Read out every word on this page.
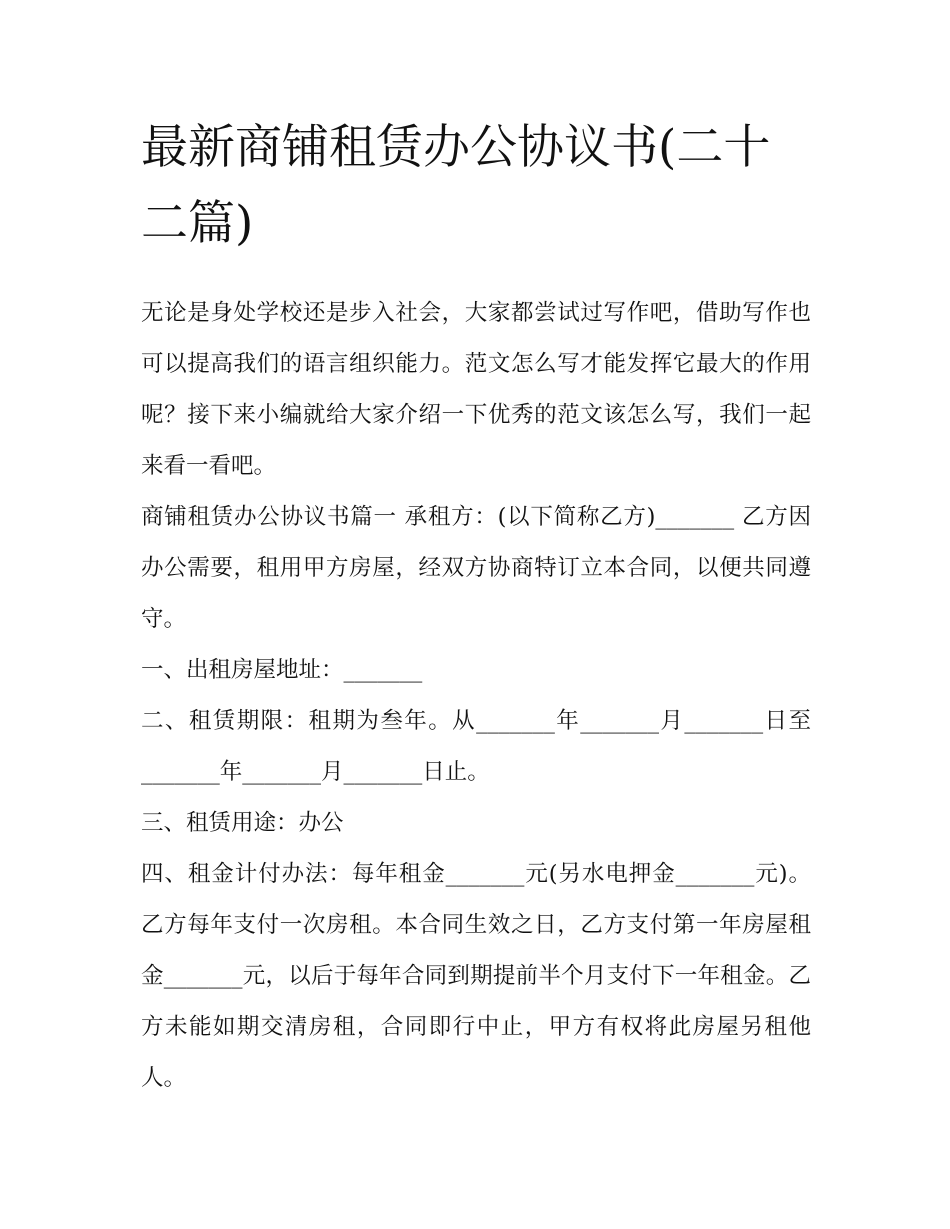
最新商铺租赁办公协议书(二十二篇)

无论是身处学校还是步入社会，大家都尝试过写作吧，借助写作也可以提高我们的语言组织能力。范文怎么写才能发挥它最大的作用呢？接下来小编就给大家介绍一下优秀的范文该怎么写，我们一起来看一看吧。

商铺租赁办公协议书篇一 承租方：(以下简称乙方)_______ 乙方因办公需要，租用甲方房屋，经双方协商特订立本合同，以便共同遵守。

一、出租房屋地址：_______

二、租赁期限：租期为叁年。从_______年_______月_______日至_______年_______月_______日止。

三、租赁用途：办公

四、租金计付办法：每年租金_______元(另水电押金_______元)。乙方每年支付一次房租。本合同生效之日，乙方支付第一年房屋租金_______元，以后于每年合同到期提前半个月支付下一年租金。乙方未能如期交清房租，合同即行中止，甲方有权将此房屋另租他人。
